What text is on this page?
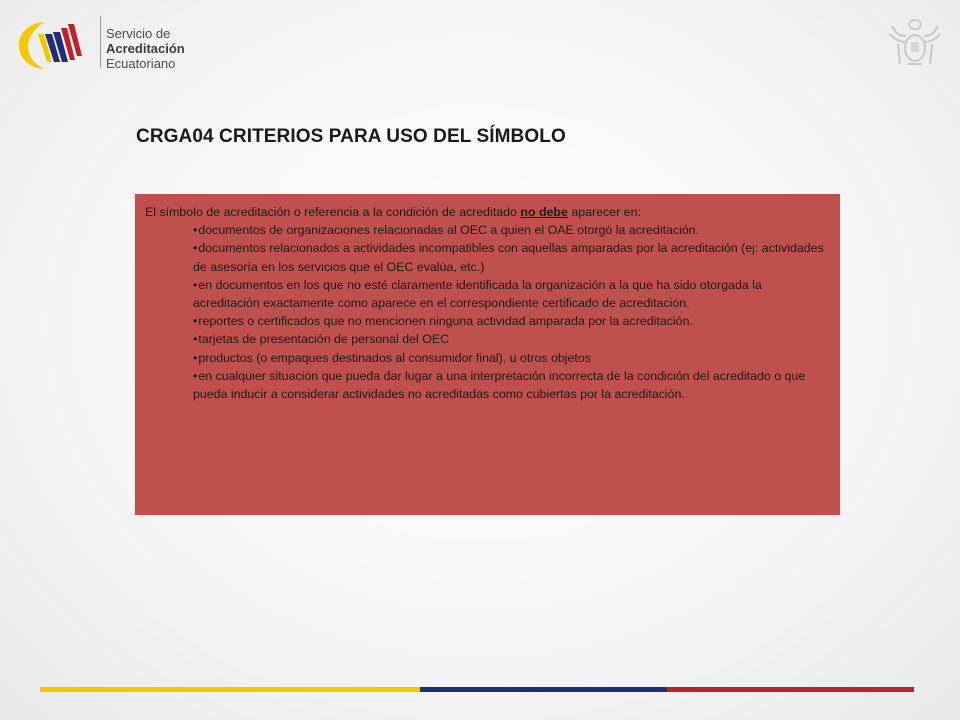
Servicio de
Acreditación
Ecuatoriano
CRGA04 CRITERIOS PARA USO DEL SÍMBOLO

El símbolo de acreditación o referencia a la condición de acreditado no debe aparecer en:

• documentos de organizaciones relacionadas al OEC a quien el OAE otorgó la acreditación.
• documentos relacionados a actividades incompatibles con aquellas amparadas por la acreditación (ej: actividades de asesoría en los servicios que el OEC evalúa, etc.)
• en documentos en los que no esté claramente identificada la organización a la que ha sido otorgada la acreditación exactamente como aparece en el correspondiente certificado de acreditación.
• reportes o certificados que no mencionen ninguna actividad amparada por la acreditación.
• tarjetas de presentación de personal del OEC
• productos (o empaques destinados al consumidor final), u otros objetos
• en cualquier situación que pueda dar lugar a una interpretación incorrecta de la condición del acreditado o que pueda inducir a considerar actividades no acreditadas como cubiertas por la acreditación.
